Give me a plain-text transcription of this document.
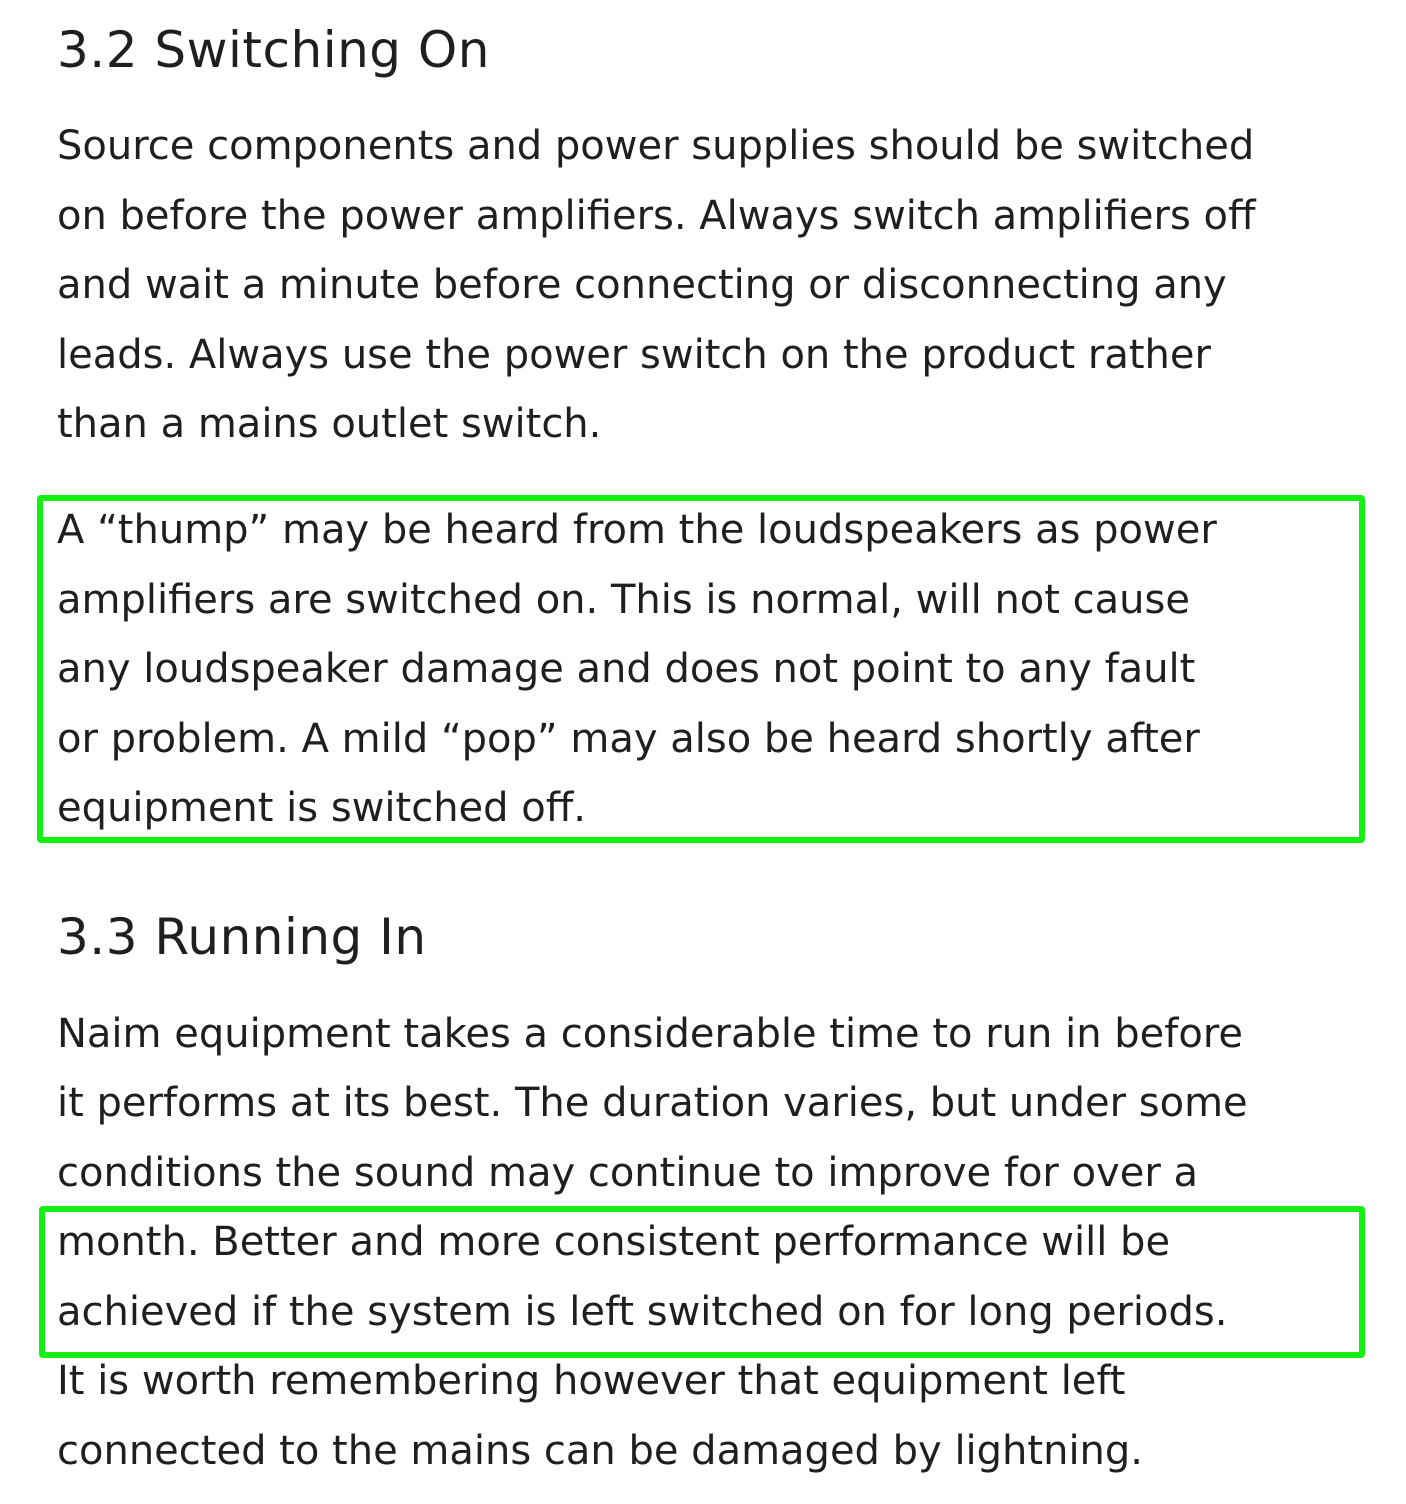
3.2 Switching On

Source components and power supplies should be switched

on before the power amplifiers. Always switch amplifiers off

and wait a minute before connecting or disconnecting any

leads. Always use the power switch on the product rather

than a mains outlet switch.

A “thump” may be heard from the loudspeakers as power

amplifiers are switched on. This is normal, will not cause

any loudspeaker damage and does not point to any fault

or problem. A mild “pop” may also be heard shortly after

equipment is switched off.

3.3 Running In

Naim equipment takes a considerable time to run in before

it performs at its best. The duration varies, but under some

conditions the sound may continue to improve for over a

month. Better and more consistent performance will be

achieved if the system is left switched on for long periods.

It is worth remembering however that equipment left

connected to the mains can be damaged by lightning.
